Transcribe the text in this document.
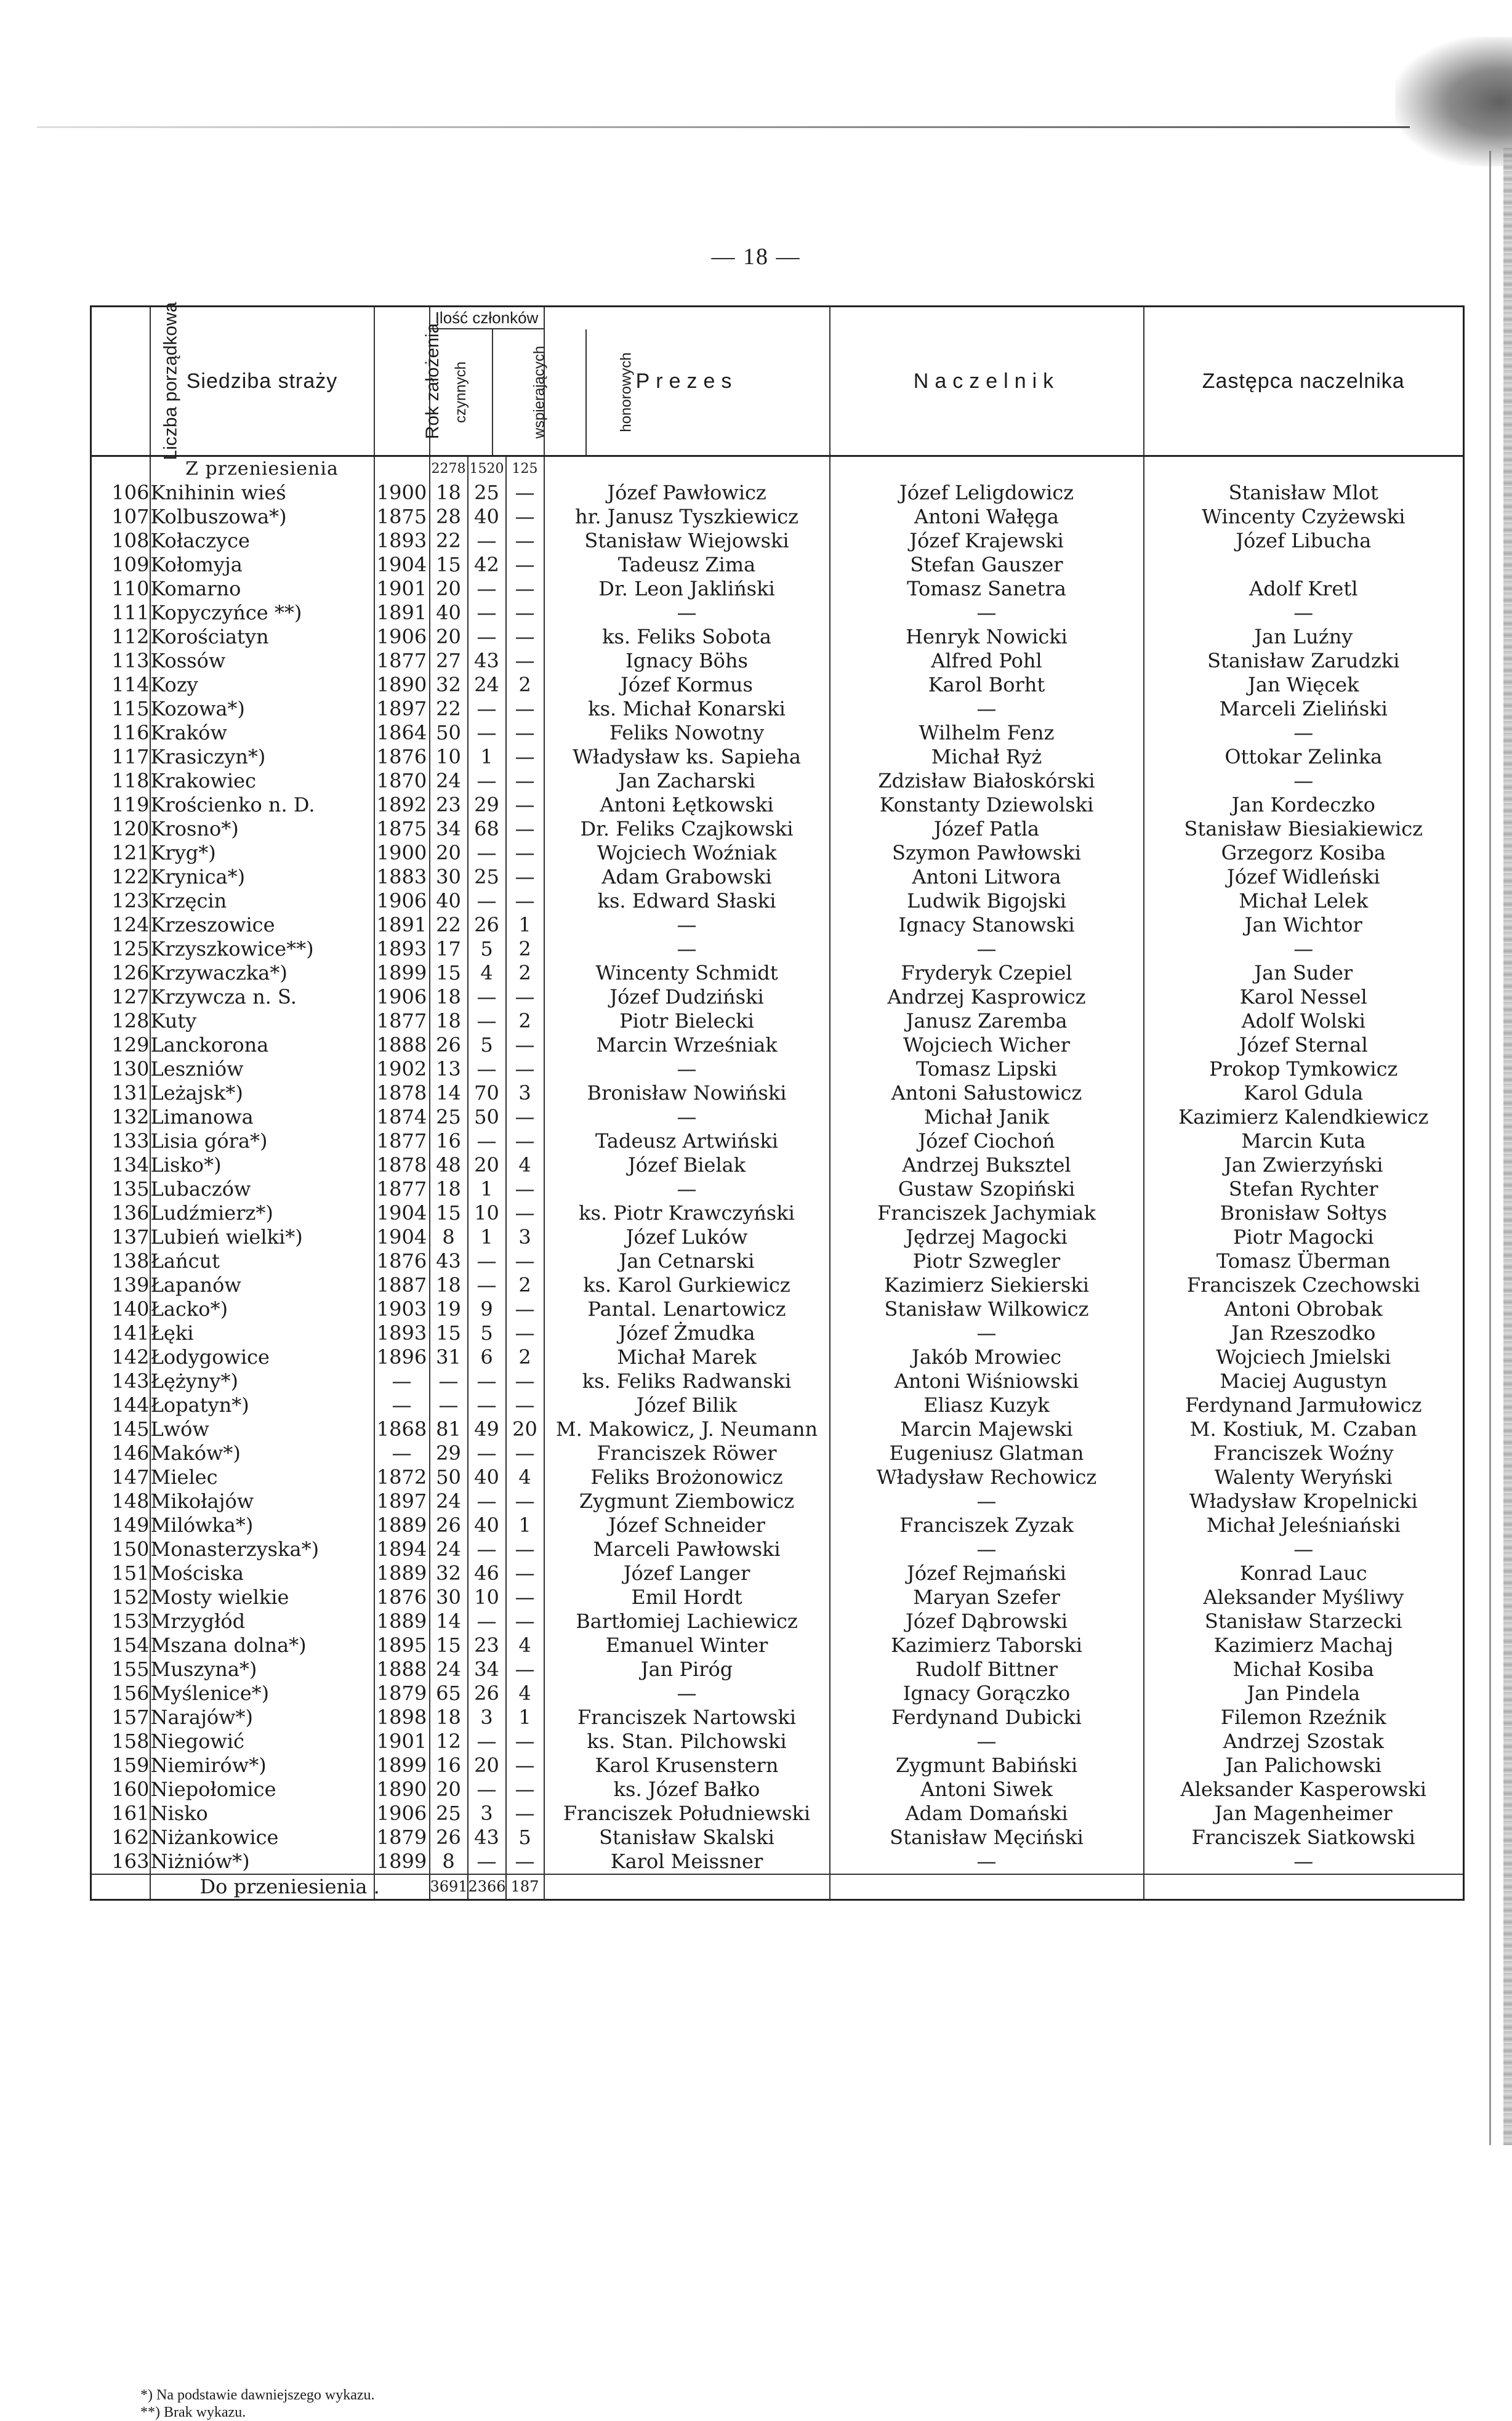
— 18 —
Liczba porządkowa	Siedziba straży	Rok założenia	Ilość członków
czynnych wspierających honorowych			Prezes	Naczelnik	Zastępca naczelnika
	Z przeniesienia		2278	1520	125			
106	Knihinin wieś	1900	18	25	—	Józef Pawłowicz	Józef Leligdowicz	Stanisław Mlot
107	Kolbuszowa*)	1875	28	40	—	hr. Janusz Tyszkiewicz	Antoni Wałęga	Wincenty Czyżewski
108	Kołaczyce	1893	22	—	—	Stanisław Wiejowski	Józef Krajewski	Józef Libucha
109	Kołomyja	1904	15	42	—	Tadeusz Zima	Stefan Gauszer	
110	Komarno	1901	20	—	—	Dr. Leon Jakliński	Tomasz Sanetra	Adolf Kretl
111	Kopyczyńce **)	1891	40	—	—	—	—	—
112	Korościatyn	1906	20	—	—	ks. Feliks Sobota	Henryk Nowicki	Jan Luźny
113	Kossów	1877	27	43	—	Ignacy Böhs	Alfred Pohl	Stanisław Zarudzki
114	Kozy	1890	32	24	2	Józef Kormus	Karol Borht	Jan Więcek
115	Kozowa*)	1897	22	—	—	ks. Michał Konarski	—	Marceli Zieliński
116	Kraków	1864	50	—	—	Feliks Nowotny	Wilhelm Fenz	—
117	Krasiczyn*)	1876	10	1	—	Władysław ks. Sapieha	Michał Ryż	Ottokar Zelinka
118	Krakowiec	1870	24	—	—	Jan Zacharski	Zdzisław Białoskórski	—
119	Krościenko n. D.	1892	23	29	—	Antoni Łętkowski	Konstanty Dziewolski	Jan Kordeczko
120	Krosno*)	1875	34	68	—	Dr. Feliks Czajkowski	Józef Patla	Stanisław Biesiakiewicz
121	Kryg*)	1900	20	—	—	Wojciech Woźniak	Szymon Pawłowski	Grzegorz Kosiba
122	Krynica*)	1883	30	25	—	Adam Grabowski	Antoni Litwora	Józef Widleński
123	Krzęcin	1906	40	—	—	ks. Edward Słaski	Ludwik Bigojski	Michał Lelek
124	Krzeszowice	1891	22	26	1	—	Ignacy Stanowski	Jan Wichtor
125	Krzyszkowice**)	1893	17	5	2	—	—	—
126	Krzywaczka*)	1899	15	4	2	Wincenty Schmidt	Fryderyk Czepiel	Jan Suder
127	Krzywcza n. S.	1906	18	—	—	Józef Dudziński	Andrzej Kasprowicz	Karol Nessel
128	Kuty	1877	18	—	2	Piotr Bielecki	Janusz Zaremba	Adolf Wolski
129	Lanckorona	1888	26	5	—	Marcin Wrześniak	Wojciech Wicher	Józef Sternal
130	Leszniów	1902	13	—	—	—	Tomasz Lipski	Prokop Tymkowicz
131	Leżajsk*)	1878	14	70	3	Bronisław Nowiński	Antoni Sałustowicz	Karol Gdula
132	Limanowa	1874	25	50	—	—	Michał Janik	Kazimierz Kalendkiewicz
133	Lisia góra*)	1877	16	—	—	Tadeusz Artwiński	Józef Ciochoń	Marcin Kuta
134	Lisko*)	1878	48	20	4	Józef Bielak	Andrzej Buksztel	Jan Zwierzyński
135	Lubaczów	1877	18	1	—	—	Gustaw Szopiński	Stefan Rychter
136	Ludźmierz*)	1904	15	10	—	ks. Piotr Krawczyński	Franciszek Jachymiak	Bronisław Sołtys
137	Lubień wielki*)	1904	8	1	3	Józef Luków	Jędrzej Magocki	Piotr Magocki
138	Łańcut	1876	43	—	—	Jan Cetnarski	Piotr Szwegler	Tomasz Überman
139	Łapanów	1887	18	—	2	ks. Karol Gurkiewicz	Kazimierz Siekierski	Franciszek Czechowski
140	Łacko*)	1903	19	9	—	Pantal. Lenartowicz	Stanisław Wilkowicz	Antoni Obrobak
141	Łęki	1893	15	5	—	Józef Żmudka	—	Jan Rzeszodko
142	Łodygowice	1896	31	6	2	Michał Marek	Jakób Mrowiec	Wojciech Jmielski
143	Łężyny*)	—	—	—	—	ks. Feliks Radwanski	Antoni Wiśniowski	Maciej Augustyn
144	Łopatyn*)	—	—	—	—	Józef Bilik	Eliasz Kuzyk	Ferdynand Jarmułowicz
145	Lwów	1868	81	49	20	M. Makowicz, J. Neumann	Marcin Majewski	M. Kostiuk, M. Czaban
146	Maków*)	—	29	—	—	Franciszek Röwer	Eugeniusz Glatman	Franciszek Woźny
147	Mielec	1872	50	40	4	Feliks Brożonowicz	Władysław Rechowicz	Walenty Weryński
148	Mikołajów	1897	24	—	—	Zygmunt Ziembowicz	—	Władysław Kropelnicki
149	Milówka*)	1889	26	40	1	Józef Schneider	Franciszek Zyzak	Michał Jeleśniański
150	Monasterzyska*)	1894	24	—	—	Marceli Pawłowski	—	—
151	Mościska	1889	32	46	—	Józef Langer	Józef Rejmański	Konrad Lauc
152	Mosty wielkie	1876	30	10	—	Emil Hordt	Maryan Szefer	Aleksander Myśliwy
153	Mrzygłód	1889	14	—	—	Bartłomiej Lachiewicz	Józef Dąbrowski	Stanisław Starzecki
154	Mszana dolna*)	1895	15	23	4	Emanuel Winter	Kazimierz Taborski	Kazimierz Machaj
155	Muszyna*)	1888	24	34	—	Jan Piróg	Rudolf Bittner	Michał Kosiba
156	Myślenice*)	1879	65	26	4	—	Ignacy Gorączko	Jan Pindela
157	Narajów*)	1898	18	3	1	Franciszek Nartowski	Ferdynand Dubicki	Filemon Rzeźnik
158	Niegowić	1901	12	—	—	ks. Stan. Pilchowski	—	Andrzej Szostak
159	Niemirów*)	1899	16	20	—	Karol Krusenstern	Zygmunt Babiński	Jan Palichowski
160	Niepołomice	1890	20	—	—	ks. Józef Bałko	Antoni Siwek	Aleksander Kasperowski
161	Nisko	1906	25	3	—	Franciszek Południewski	Adam Domański	Jan Magenheimer
162	Niżankowice	1879	26	43	5	Stanisław Skalski	Stanisław Męciński	Franciszek Siatkowski
163	Niżniów*)	1899	8	—	—	Karol Meissner	—	—
	Do przeniesienia .		3691	2366	187			

*) Na podstawie dawniejszego wykazu.

**) Brak wykazu.
